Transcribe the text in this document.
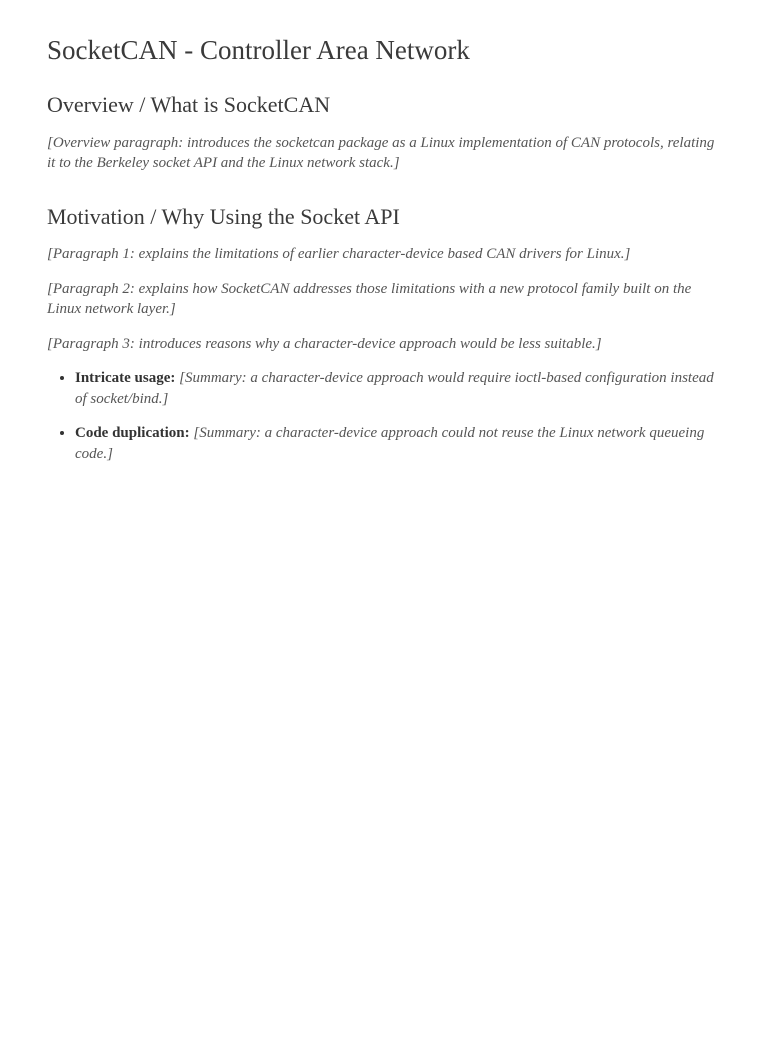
SocketCAN - Controller Area Network
Overview / What is SocketCAN

[Overview paragraph: introduces the socketcan package as a Linux implementation of CAN protocols, relating it to the Berkeley socket API and the Linux network stack.]

Motivation / Why Using the Socket API

[Paragraph 1: explains the limitations of earlier character-device based CAN drivers for Linux.]

[Paragraph 2: explains how SocketCAN addresses those limitations with a new protocol family built on the Linux network layer.]

[Paragraph 3: introduces reasons why a character-device approach would be less suitable.]

• Intricate usage: [Summary: a character-device approach would require ioctl-based configuration instead of socket/bind.]
• Code duplication: [Summary: a character-device approach could not reuse the Linux network queueing code.]
